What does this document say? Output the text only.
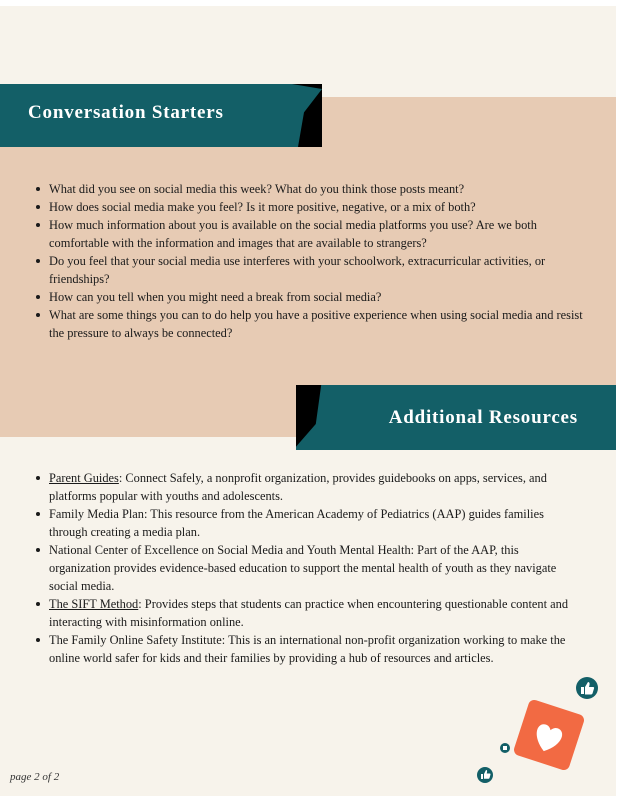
Conversation Starters
What did you see on social media this week? What do you think those posts meant?
How does social media make you feel? Is it more positive, negative, or a mix of both?
How much information about you is available on the social media platforms you use? Are we both comfortable with the information and images that are available to strangers?
Do you feel that your social media use interferes with your schoolwork, extracurricular activities, or friendships?
How can you tell when you might need a break from social media?
What are some things you can to do help you have a positive experience when using social media and resist the pressure to always be connected?
Additional Resources
Parent Guides: Connect Safely, a nonprofit organization, provides guidebooks on apps, services, and platforms popular with youths and adolescents.
Family Media Plan: This resource from the American Academy of Pediatrics (AAP) guides families through creating a media plan.
National Center of Excellence on Social Media and Youth Mental Health: Part of the AAP, this organization provides evidence-based education to support the mental health of youth as they navigate social media.
The SIFT Method: Provides steps that students can practice when encountering questionable content and interacting with misinformation online.
The Family Online Safety Institute: This is an international non-profit organization working to make the online world safer for kids and their families by providing a hub of resources and articles.
page 2 of 2
